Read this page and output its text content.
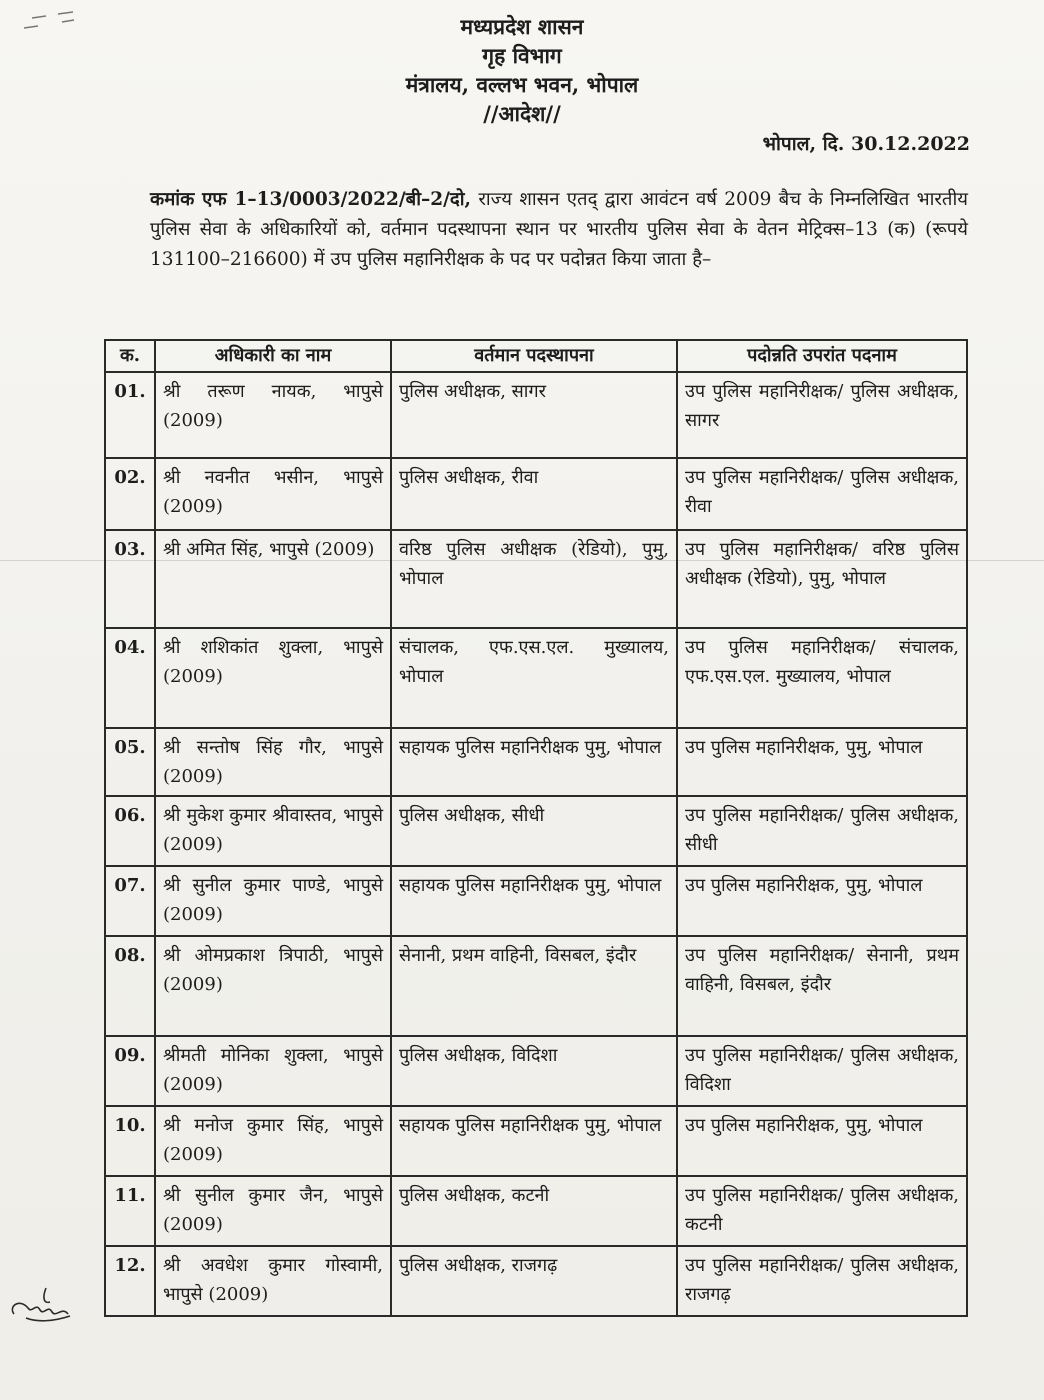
मध्यप्रदेश शासन
गृह विभाग
मंत्रालय, वल्लभ भवन, भोपाल
//आदेश//
भोपाल, दि. 30.12.2022
कमांक एफ 1–13/0003/2022/बी–2/दो, राज्य शासन एतद् द्वारा आवंटन वर्ष 2009 बैच के निम्नलिखित भारतीय पुलिस सेवा के अधिकारियों को, वर्तमान पदस्थापना स्थान पर भारतीय पुलिस सेवा के वेतन मेट्रिक्स–13 (क) (रूपये 131100–216600) में उप पुलिस महानिरीक्षक के पद पर पदोन्नत किया जाता है–
क.	अधिकारी का नाम	वर्तमान पदस्थापना	पदोन्नति उपरांत पदनाम
01.	श्री तरूण नायक, भापुसे (2009)	पुलिस अधीक्षक, सागर	उप पुलिस महानिरीक्षक/ पुलिस अधीक्षक, सागर
02.	श्री नवनीत भसीन, भापुसे (2009)	पुलिस अधीक्षक, रीवा	उप पुलिस महानिरीक्षक/ पुलिस अधीक्षक, रीवा
03.	श्री अमित सिंह, भापुसे (2009)	वरिष्ठ पुलिस अधीक्षक (रेडियो), पुमु, भोपाल	उप पुलिस महानिरीक्षक/ वरिष्ठ पुलिस अधीक्षक (रेडियो), पुमु, भोपाल
04.	श्री शशिकांत शुक्ला, भापुसे (2009)	संचालक, एफ.एस.एल. मुख्यालय, भोपाल	उप पुलिस महानिरीक्षक/ संचालक, एफ.एस.एल. मुख्यालय, भोपाल
05.	श्री सन्तोष सिंह गौर, भापुसे (2009)	सहायक पुलिस महानिरीक्षक पुमु, भोपाल	उप पुलिस महानिरीक्षक, पुमु, भोपाल
06.	श्री मुकेश कुमार श्रीवास्तव, भापुसे (2009)	पुलिस अधीक्षक, सीधी	उप पुलिस महानिरीक्षक/ पुलिस अधीक्षक, सीधी
07.	श्री सुनील कुमार पाण्डे, भापुसे (2009)	सहायक पुलिस महानिरीक्षक पुमु, भोपाल	उप पुलिस महानिरीक्षक, पुमु, भोपाल
08.	श्री ओमप्रकाश त्रिपाठी, भापुसे (2009)	सेनानी, प्रथम वाहिनी, विसबल, इंदौर	उप पुलिस महानिरीक्षक/ सेनानी, प्रथम वाहिनी, विसबल, इंदौर
09.	श्रीमती मोनिका शुक्ला, भापुसे (2009)	पुलिस अधीक्षक, विदिशा	उप पुलिस महानिरीक्षक/ पुलिस अधीक्षक, विदिशा
10.	श्री मनोज कुमार सिंह, भापुसे (2009)	सहायक पुलिस महानिरीक्षक पुमु, भोपाल	उप पुलिस महानिरीक्षक, पुमु, भोपाल
11.	श्री सुनील कुमार जैन, भापुसे (2009)	पुलिस अधीक्षक, कटनी	उप पुलिस महानिरीक्षक/ पुलिस अधीक्षक, कटनी
12.	श्री अवधेश कुमार गोस्वामी, भापुसे (2009)	पुलिस अधीक्षक, राजगढ़	उप पुलिस महानिरीक्षक/ पुलिस अधीक्षक, राजगढ़
